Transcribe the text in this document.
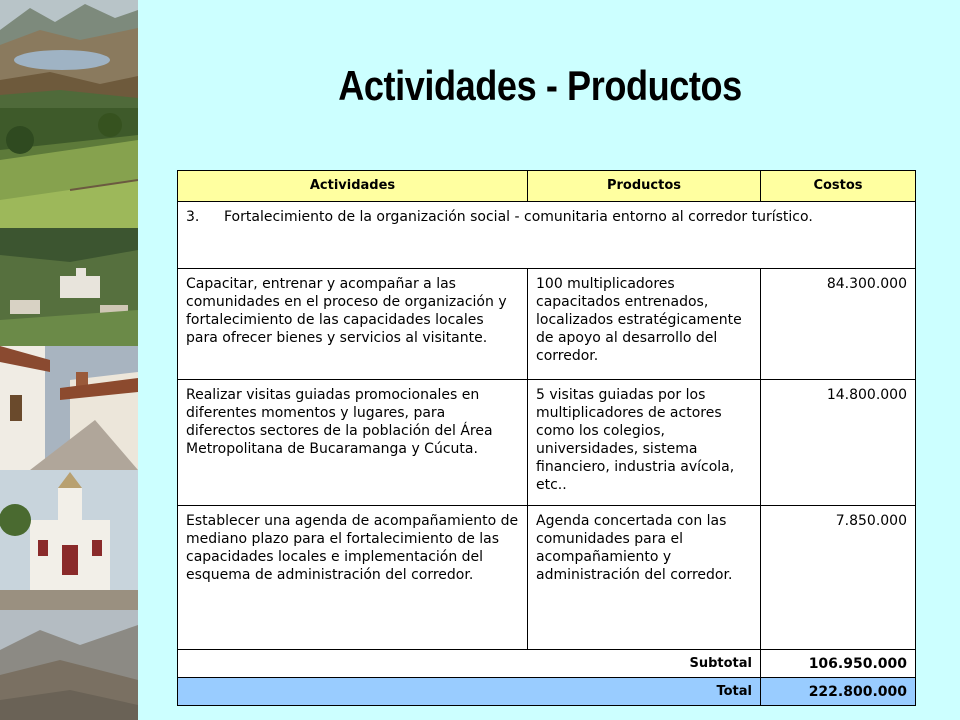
Actividades - Productos
Actividades	Productos	Costos
3. Fortalecimiento de la organización social - comunitaria entorno al corredor turístico.		
Capacitar, entrenar y acompañar a las comunidades en el proceso de organización y fortalecimiento de las capacidades locales para ofrecer bienes y servicios al visitante.	100 multiplicadores capacitados entrenados, localizados estratégicamente de apoyo al desarrollo del corredor.	84.300.000
Realizar visitas guiadas promocionales en diferentes momentos y lugares, para diferectos sectores de la población del Área Metropolitana de Bucaramanga y Cúcuta.	5 visitas guiadas por los multiplicadores de actores como los colegios, universidades, sistema financiero, industria avícola, etc..	14.800.000
Establecer una agenda de acompañamiento de mediano plazo para el fortalecimiento de las capacidades locales e implementación del esquema de administración del corredor.	Agenda concertada con las comunidades para el acompañamiento y administración del corredor.	7.850.000
Subtotal		106.950.000
Total		222.800.000
